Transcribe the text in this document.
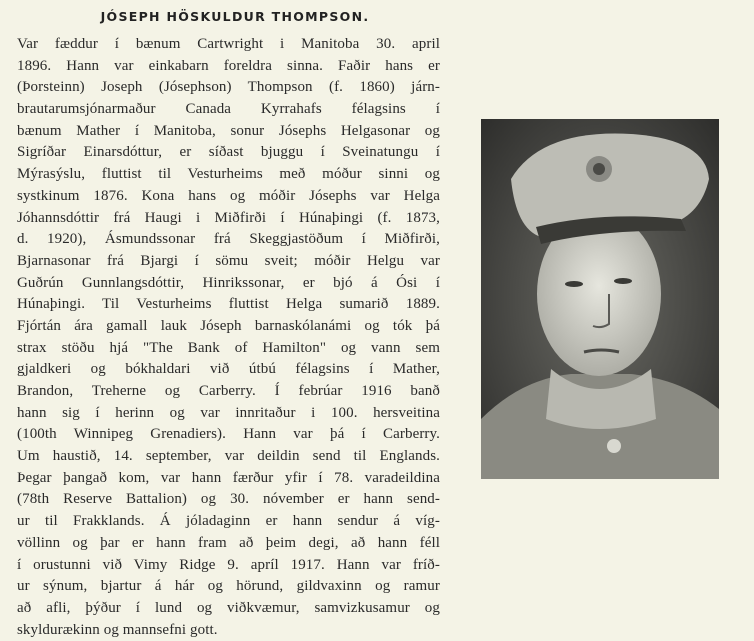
JÓSEPH HÖSKULDUR THOMPSON.
Var fæddur í bænum Cartwright i Manitoba 30. april
1896. Hann var einkabarn foreldra sinna. Faðir hans er
(Þorsteinn) Joseph (Jósephson) Thompson (f. 1860) járn-
brautarumsjónarmaður Canada Kyrrahafs félagsins í
bænum Mather í Manitoba, sonur Jósephs Helgasonar og
Sigríðar Einarsdóttur, er síðast bjuggu í Sveinatungu í
Mýrasýslu, fluttist til Vesturheims með móður sinni og
systkinum 1876. Kona hans og móðir Jósephs var Helga
Jóhannsdóttir frá Haugi i Miðfirði í Húnaþingi (f. 1873,
d. 1920), Ásmundssonar frá Skeggjastöðum í Miðfirði,
Bjarnasonar frá Bjargi í sömu sveit; móðir Helgu var
Guðrún Gunnlangsdóttir, Hinrikssonar, er bjó á Ósi í
Húnaþingi. Til Vesturheims fluttist Helga sumarið 1889.
Fjórtán ára gamall lauk Jóseph barnaskólanámi og tók þá
strax stöðu hjá "The Bank of Hamilton" og vann sem
gjaldkeri og bókhaldari við útbú félagsins í Mather,
Brandon, Treherne og Carberry. Í febrúar 1916 banð
hann sig í herinn og var innritaður i 100. hersveitina
(100th Winnipeg Grenadiers). Hann var þá í Carberry.
Um haustið, 14. september, var deildin send til Englands.
Þegar þangað kom, var hann færður yfir í 78. varadeildina
(78th Reserve Battalion) og 30. nóvember er hann send-
ur til Frakklands. Á jóladaginn er hann sendur á víg-
völlinn og þar er hann fram að þeim degi, að hann féll
í orustunni við Vimy Ridge 9. apríl 1917. Hann var fríð-
ur sýnum, bjartur á hár og hörund, gildvaxinn og ramur
að afli, þýður í lund og viðkvæmur, samvizkusamur og
skyldurækinn og mannsefni gott.
